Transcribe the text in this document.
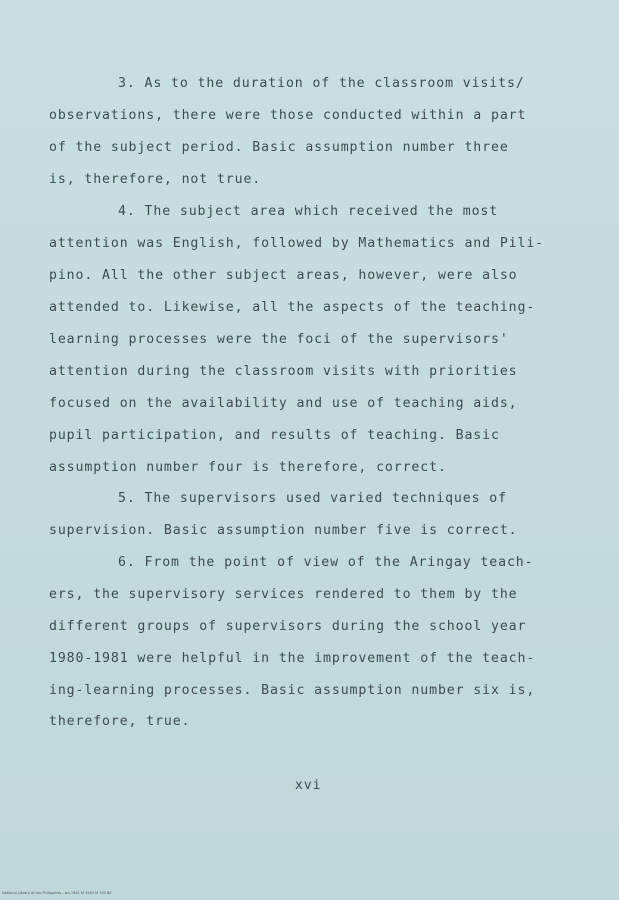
3. As to the duration of the classroom visits/
observations, there were those conducted within a part
of the subject period. Basic assumption number three
is, therefore, not true.
4. The subject area which received the most
attention was English, followed by Mathematics and Pili-
pino. All the other subject areas, however, were also
attended to. Likewise, all the aspects of the teaching-
learning processes were the foci of the supervisors'
attention during the classroom visits with priorities
focused on the availability and use of teaching aids,
pupil participation, and results of teaching. Basic
assumption number four is therefore, correct.
5. The supervisors used varied techniques of
supervision. Basic assumption number five is correct.
6. From the point of view of the Aringay teach-
ers, the supervisory services rendered to them by the
different groups of supervisors during the school year
1980-1981 were helpful in the improvement of the teach-
ing-learning processes. Basic assumption number six is,
therefore, true.
xvi
National Library of the Philippines - wu 1981 M 1983 M 100 BE
